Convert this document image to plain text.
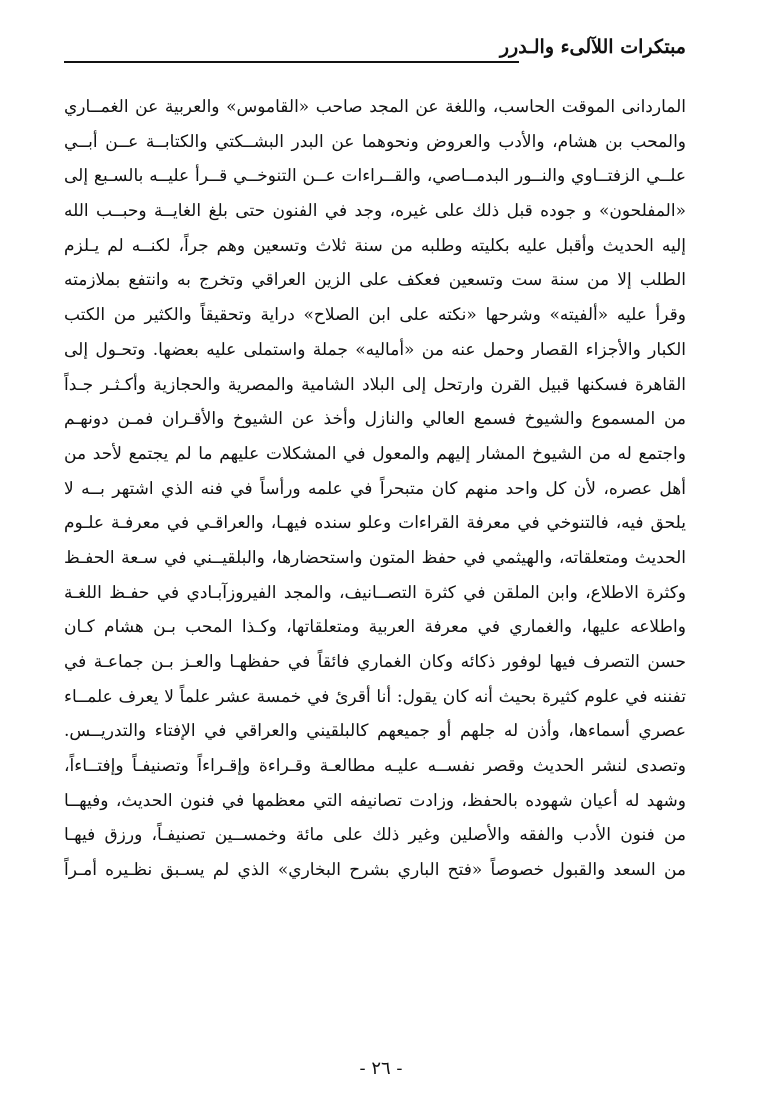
مبتكرات اللآلىء والـدرر
الماردانى الموقت الحاسب، واللغة عن المجد صاحب «القاموس» والعربية عن الغمــاري
والمحب بن هشام، والأدب والعروض ونحوهما عن البدر البشــكتي والكتابــة عــن أبــي
علــي الزفتــاوي والنــور البدمــاصي، والقــراءات عــن التنوخــي قــرأ عليــه بالسـبع إلى
«المفلحون» و جوده قبل ذلك على غيره، وجد في الفنون حتى بلغ الغايــة وحبــب الله
إليه الحديث وأقبل عليه بكليته وطلبه من سنة ثلاث وتسعين وهم جراً، لكنــه لم يـلزم
الطلب إلا من سنة ست وتسعين فعكف على الزين العراقي وتخرج به وانتفع بملازمته
وقرأ عليه «ألفيته» وشرحها «نكته على ابن الصلاح» دراية وتحقيقاً والكثير من الكتب
الكبار والأجزاء القصار وحمل عنه من «أماليه» جملة واستملى عليه بعضها. وتحـول إلى
القاهرة فسكنها قبيل القرن وارتحل إلى البلاد الشامية والمصرية والحجازية وأكـثـر جـداً
من المسموع والشيوخ فسمع العالي والنازل وأخذ عن الشيوخ والأقـران فمـن دونهـم
واجتمع له من الشيوخ المشار إليهم والمعول في المشكلات عليهم ما لم يجتمع لأحد من
أهل عصره، لأن كل واحد منهم كان متبحراً في علمه ورأساً في فنه الذي اشتهر بــه لا
يلحق فيه، فالتنوخي في معرفة القراءات وعلو سنده فيهـا، والعراقـي في معرفـة علـوم
الحديث ومتعلقاته، والهيثمي في حفظ المتون واستحضارها، والبلقيــني في سـعة الحفـظ
وكثرة الاطلاع، وابن الملقن في كثرة التصــانيف، والمجد الفيروزآبـادي في حفـظ اللغـة
واطلاعه عليها، والغماري في معرفة العربية ومتعلقاتها، وكـذا المحب بـن هشام كـان
حسن التصرف فيها لوفور ذكائه وكان الغماري فائقاً في حفظهـا والعـز بـن جماعـة في
تفننه في علوم كثيرة بحيث أنه كان يقول: أنا أقرئ في خمسة عشر علماً لا يعرف علمــاء
عصري أسماءها، وأذن له جلهم أو جميعهم كالبلقيني والعراقي في الإفتاء والتدريــس.
وتصدى لنشر الحديث وقصر نفســه عليـه مطالعـة وقـراءة وإقـراءاً وتصنيفـاً وإفتــاءاً،
وشهد له أعيان شهوده بالحفظ، وزادت تصانيفه التي معظمها في فنون الحديث، وفيهــا
من فنون الأدب والفقه والأصلين وغير ذلك على مائة وخمســين تصنيفـاً، ورزق فيهـا
من السعد والقبول خصوصاً «فتح الباري بشرح البخاري» الذي لم يسـبق نظـيره أمـراً
- ٢٦ -
